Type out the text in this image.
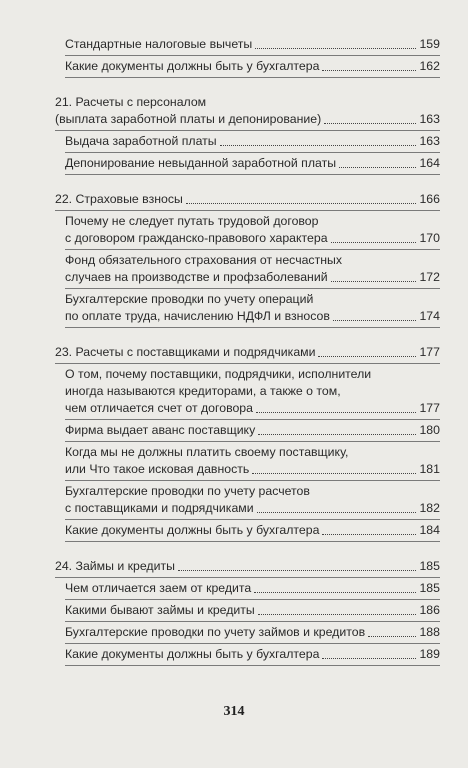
Стандартные налоговые вычеты	159
Какие документы должны быть у бухгалтера	162
21. Расчеты с персоналом
(выплата заработной платы и депонирование)	163
Выдача заработной платы	163
Депонирование невыданной заработной платы	164
22. Страховые взносы	166
Почему не следует путать трудовой договор
с договором гражданско-правового характера	170
Фонд обязательного страхования от несчастных
случаев на производстве и профзаболеваний	172
Бухгалтерские проводки по учету операций
по оплате труда, начислению НДФЛ и взносов	174
23. Расчеты с поставщиками и подрядчиками	177
О том, почему поставщики, подрядчики, исполнители
иногда называются кредиторами, а также о том,
чем отличается счет от договора	177
Фирма выдает аванс поставщику	180
Когда мы не должны платить своему поставщику,
или Что такое исковая давность	181
Бухгалтерские проводки по учету расчетов
с поставщиками и подрядчиками	182
Какие документы должны быть у бухгалтера	184
24. Займы и кредиты	185
Чем отличается заем от кредита	185
Какими бывают займы и кредиты	186
Бухгалтерские проводки по учету займов и кредитов	188
Какие документы должны быть у бухгалтера	189
314
